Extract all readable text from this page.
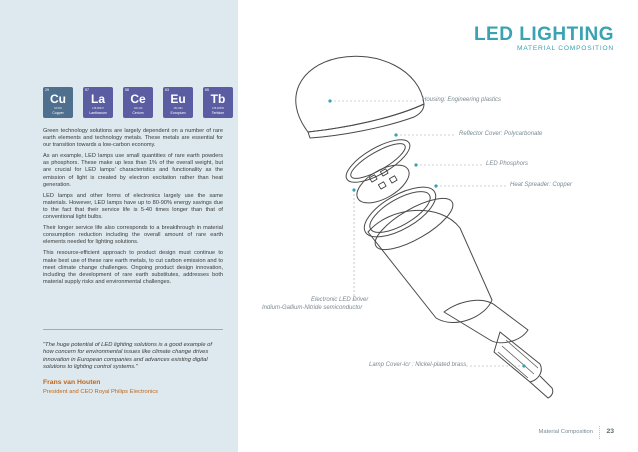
29
Cu
63.546
Copper
57
La
138.90547
Lanthanum
58
Ce
140.116
Cerium
63
Eu
151.964
Europium
65
Tb
158.92535
Terbium

Green technology solutions are largely dependent on a number of rare earth elements and technology metals. These metals are essential for our transition towards a low-carbon economy.

As an example, LED lamps use small quantities of rare earth powders as phosphors. These make up less than 1% of the overall weight, but are crucial for LED lamps' characteristics and functionality as the emission of light is created by electron excitation rather than heat generation.

LED lamps and other forms of electronics largely use the same materials. However, LED lamps have up to 80-90% energy savings due to the fact that their service life is 5-40 times longer than that of conventional light bulbs.

Their longer service life also corresponds to a breakthrough in material consumption reduction including the overall amount of rare earth elements needed for lighting solutions.

This resource-efficient approach to product design must continue to make best use of these rare earth metals, to cut carbon emission and to meet climate change challenges. Ongoing product design innovation, including the development of rare earth substitutes, addresses both material supply risks and environmental challenges.

"The huge potential of LED lighting solutions is a good example of how concern for environmental issues like climate change drives innovation in European companies and advances existing digital solutions to lighting control systems."
Frans van Houten
President and CEO Royal Philips Electronics
LED LIGHTING
MATERIAL COMPOSITION
Housing: Engineering plastics
Reflector Cover: Polycarbonate
LED Phosphors
Heat Spreader: Copper
Electronic LED Driver
Indium-Gallium-Nitride semiconductor
Lamp Cover-Icr : Nickel-plated brass
Material Composition 23
